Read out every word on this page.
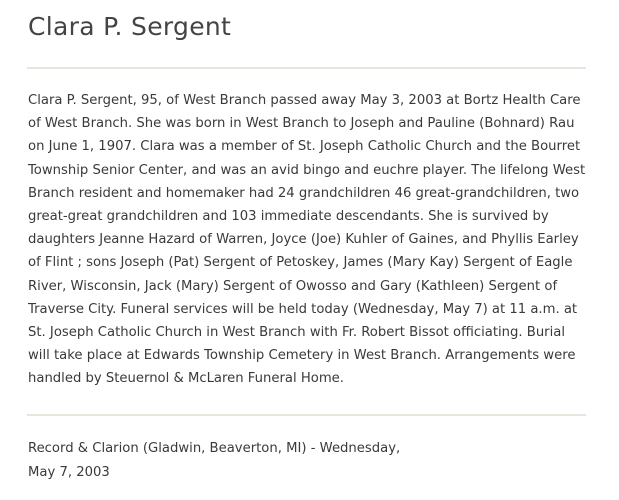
Clara P. Sergent

Clara P. Sergent, 95, of West Branch passed away May 3, 2003 at Bortz Health Care of West Branch. She was born in West Branch to Joseph and Pauline (Bohnard) Rau on June 1, 1907. Clara was a member of St. Joseph Catholic Church and the Bourret Township Senior Center, and was an avid bingo and euchre player. The lifelong West Branch resident and homemaker had 24 grandchildren 46 great-grandchildren, two great-great grandchildren and 103 immediate descendants. She is survived by daughters Jeanne Hazard of Warren, Joyce (Joe) Kuhler of Gaines, and Phyllis Earley of Flint ; sons Joseph (Pat) Sergent of Petoskey, James (Mary Kay) Sergent of Eagle River, Wisconsin, Jack (Mary) Sergent of Owosso and Gary (Kathleen) Sergent of Traverse City. Funeral services will be held today (Wednesday, May 7) at 11 a.m. at St. Joseph Catholic Church in West Branch with Fr. Robert Bissot officiating. Burial will take place at Edwards Township Cemetery in West Branch. Arrangements were handled by Steuernol & McLaren Funeral Home.

Record & Clarion (Gladwin, Beaverton, MI) - Wednesday, May 7, 2003
